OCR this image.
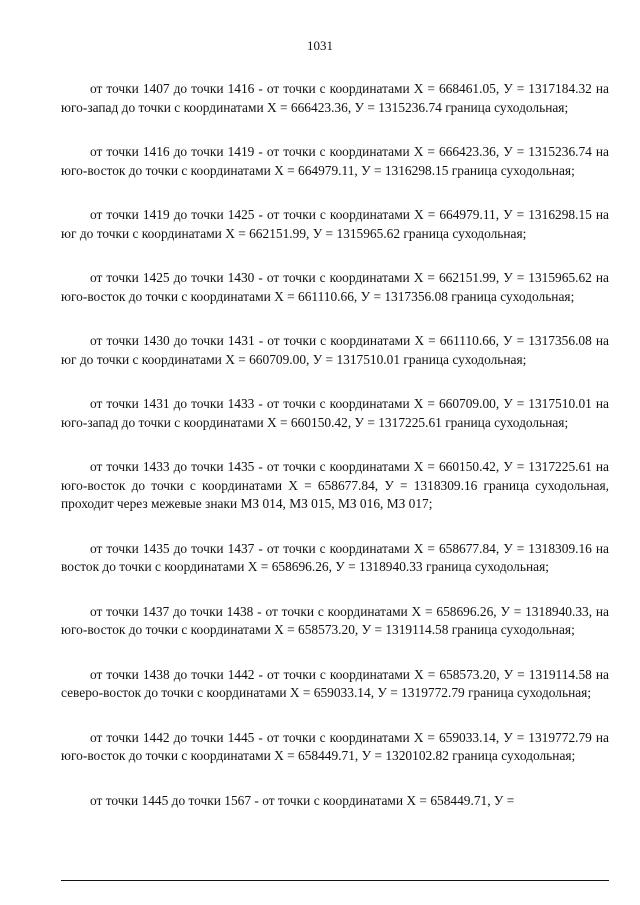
1031

от точки 1407 до точки 1416 - от точки с координатами Х = 668461.05, У = 1317184.32 на юго-запад до точки с координатами Х = 666423.36, У = 1315236.74 граница суходольная;

от точки 1416 до точки 1419 - от точки с координатами Х = 666423.36, У = 1315236.74 на юго-восток до точки с координатами Х = 664979.11, У = 1316298.15 граница суходольная;

от точки 1419 до точки 1425 - от точки с координатами Х = 664979.11, У = 1316298.15 на юг до точки с координатами Х = 662151.99, У = 1315965.62 граница суходольная;

от точки 1425 до точки 1430 - от точки с координатами Х = 662151.99, У = 1315965.62 на юго-восток до точки с координатами Х = 661110.66, У = 1317356.08 граница суходольная;

от точки 1430 до точки 1431 - от точки с координатами Х = 661110.66, У = 1317356.08 на юг до точки с координатами Х = 660709.00, У = 1317510.01 граница суходольная;

от точки 1431 до точки 1433 - от точки с координатами Х = 660709.00, У = 1317510.01 на юго-запад до точки с координатами Х = 660150.42, У = 1317225.61 граница суходольная;

от точки 1433 до точки 1435 - от точки с координатами Х = 660150.42, У = 1317225.61 на юго-восток до точки с координатами Х = 658677.84, У = 1318309.16 граница суходольная, проходит через межевые знаки МЗ 014, МЗ 015, МЗ 016, МЗ 017;

от точки 1435 до точки 1437 - от точки с координатами Х = 658677.84, У = 1318309.16 на восток до точки с координатами Х = 658696.26, У = 1318940.33 граница суходольная;

от точки 1437 до точки 1438 - от точки с координатами Х = 658696.26, У = 1318940.33, на юго-восток до точки с координатами Х = 658573.20, У = 1319114.58 граница суходольная;

от точки 1438 до точки 1442 - от точки с координатами Х = 658573.20, У = 1319114.58 на северо-восток до точки с координатами Х = 659033.14, У = 1319772.79 граница суходольная;

от точки 1442 до точки 1445 - от точки с координатами Х = 659033.14, У = 1319772.79 на юго-восток до точки с координатами Х = 658449.71, У = 1320102.82 граница суходольная;

от точки 1445 до точки 1567 - от точки с координатами Х = 658449.71, У =
